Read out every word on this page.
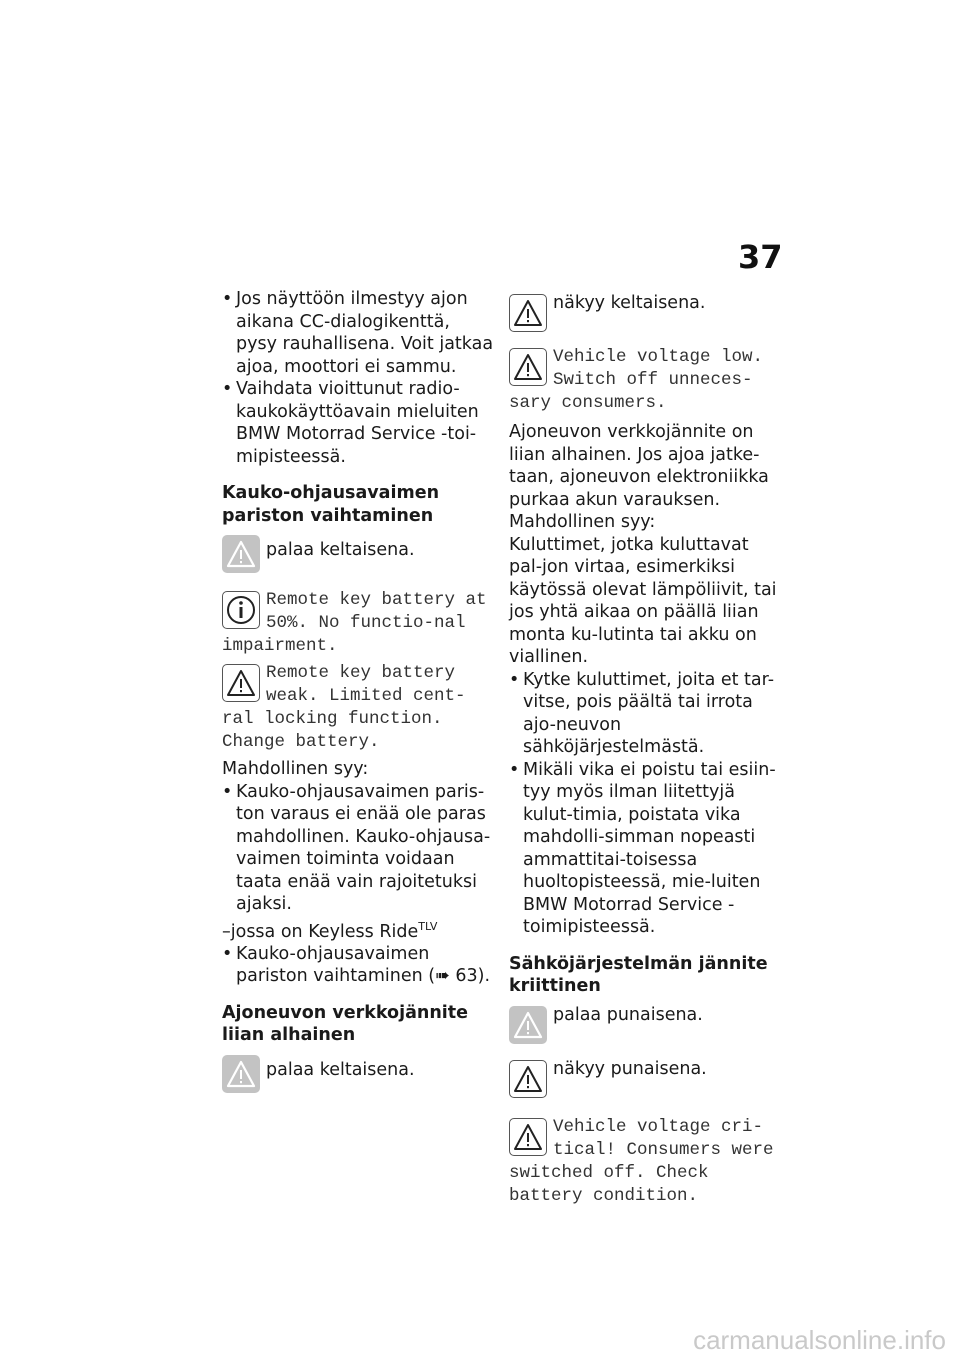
37
• Jos näyttöön ilmestyy ajon aikana CC-dialogikenttä, pysy rauhallisena. Voit jatkaa ajoa, moottori ei sammu.
• Vaihdata vioittunut radio-kaukokäyttöavain mieluiten BMW Motorrad Service -toi-mipisteessä.
Kauko-ohjausavaimen pariston vaihtaminen
palaa keltaisena.
Remote key battery at 50%. No functio-nal impairment.
Remote key battery weak. Limited cent-ral locking function. Change battery.
Mahdollinen syy:
• Kauko-ohjausavaimen paris-ton varaus ei enää ole paras mahdollinen. Kauko-ohjausa-vaimen toiminta voidaan taata enää vain rajoitetuksi ajaksi.
–jossa on Keyless Ride$^{TLV}$
• Kauko-ohjausavaimen pariston vaihtaminen (➠ 63).
Ajoneuvon verkkojännite liian alhainen
palaa keltaisena.
näkyy keltaisena.
Vehicle voltage low. Switch off unneces-sary consumers.
Ajoneuvon verkkojännite on liian alhainen. Jos ajoa jatke-taan, ajoneuvon elektroniikka purkaa akun varauksen.
Mahdollinen syy:
Kuluttimet, jotka kuluttavat pal-jon virtaa, esimerkiksi käytössä olevat lämpöliivit, tai jos yhtä aikaa on päällä liian monta ku-lutinta tai akku on viallinen.
• Kytke kuluttimet, joita et tar-vitse, pois päältä tai irrota ajo-neuvon sähköjärjestelmästä.
• Mikäli vika ei poistu tai esiin-tyy myös ilman liitettyjä kulut-timia, poistata vika mahdolli-simman nopeasti ammattitai-toisessa huoltopisteessä, mie-luiten BMW Motorrad Service -toimipisteessä.
Sähköjärjestelmän jännite kriittinen
palaa punaisena.
näkyy punaisena.
Vehicle voltage cri-tical! Consumers were switched off. Check battery condition.
carmanualsonline.info
